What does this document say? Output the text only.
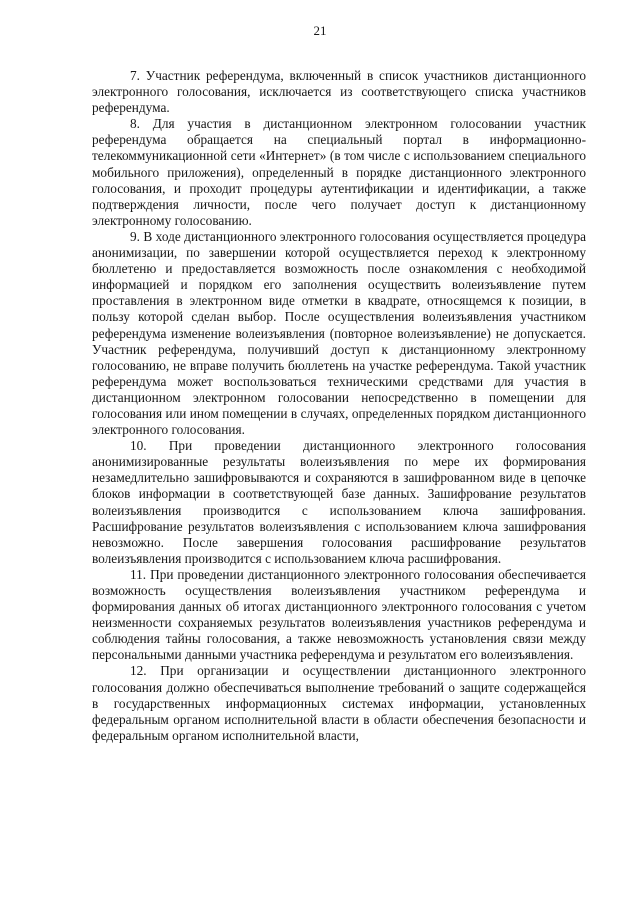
21

7. Участник референдума, включенный в список участников дистанционного электронного голосования, исключается из соответствующего списка участников референдума.

8. Для участия в дистанционном электронном голосовании участник референдума обращается на специальный портал в информационно-телекоммуникационной сети «Интернет» (в том числе с использованием специального мобильного приложения), определенный в порядке дистанционного электронного голосования, и проходит процедуры аутентификации и идентификации, а также подтверждения личности, после чего получает доступ к дистанционному электронному голосованию.

9. В ходе дистанционного электронного голосования осуществляется процедура анонимизации, по завершении которой осуществляется переход к электронному бюллетеню и предоставляется возможность после ознакомления с необходимой информацией и порядком его заполнения осуществить волеизъявление путем проставления в электронном виде отметки в квадрате, относящемся к позиции, в пользу которой сделан выбор. После осуществления волеизъявления участником референдума изменение волеизъявления (повторное волеизъявление) не допускается. Участник референдума, получивший доступ к дистанционному электронному голосованию, не вправе получить бюллетень на участке референдума. Такой участник референдума может воспользоваться техническими средствами для участия в дистанционном электронном голосовании непосредственно в помещении для голосования или ином помещении в случаях, определенных порядком дистанционного электронного голосования.

10. При проведении дистанционного электронного голосования анонимизированные результаты волеизъявления по мере их формирования незамедлительно зашифровываются и сохраняются в зашифрованном виде в цепочке блоков информации в соответствующей базе данных. Зашифрование результатов волеизъявления производится с использованием ключа зашифрования. Расшифрование результатов волеизъявления с использованием ключа зашифрования невозможно. После завершения голосования расшифрование результатов волеизъявления производится с использованием ключа расшифрования.

11. При проведении дистанционного электронного голосования обеспечивается возможность осуществления волеизъявления участником референдума и формирования данных об итогах дистанционного электронного голосования с учетом неизменности сохраняемых результатов волеизъявления участников референдума и соблюдения тайны голосования, а также невозможность установления связи между персональными данными участника референдума и результатом его волеизъявления.

12. При организации и осуществлении дистанционного электронного голосования должно обеспечиваться выполнение требований о защите содержащейся в государственных информационных системах информации, установленных федеральным органом исполнительной власти в области обеспечения безопасности и федеральным органом исполнительной власти,
